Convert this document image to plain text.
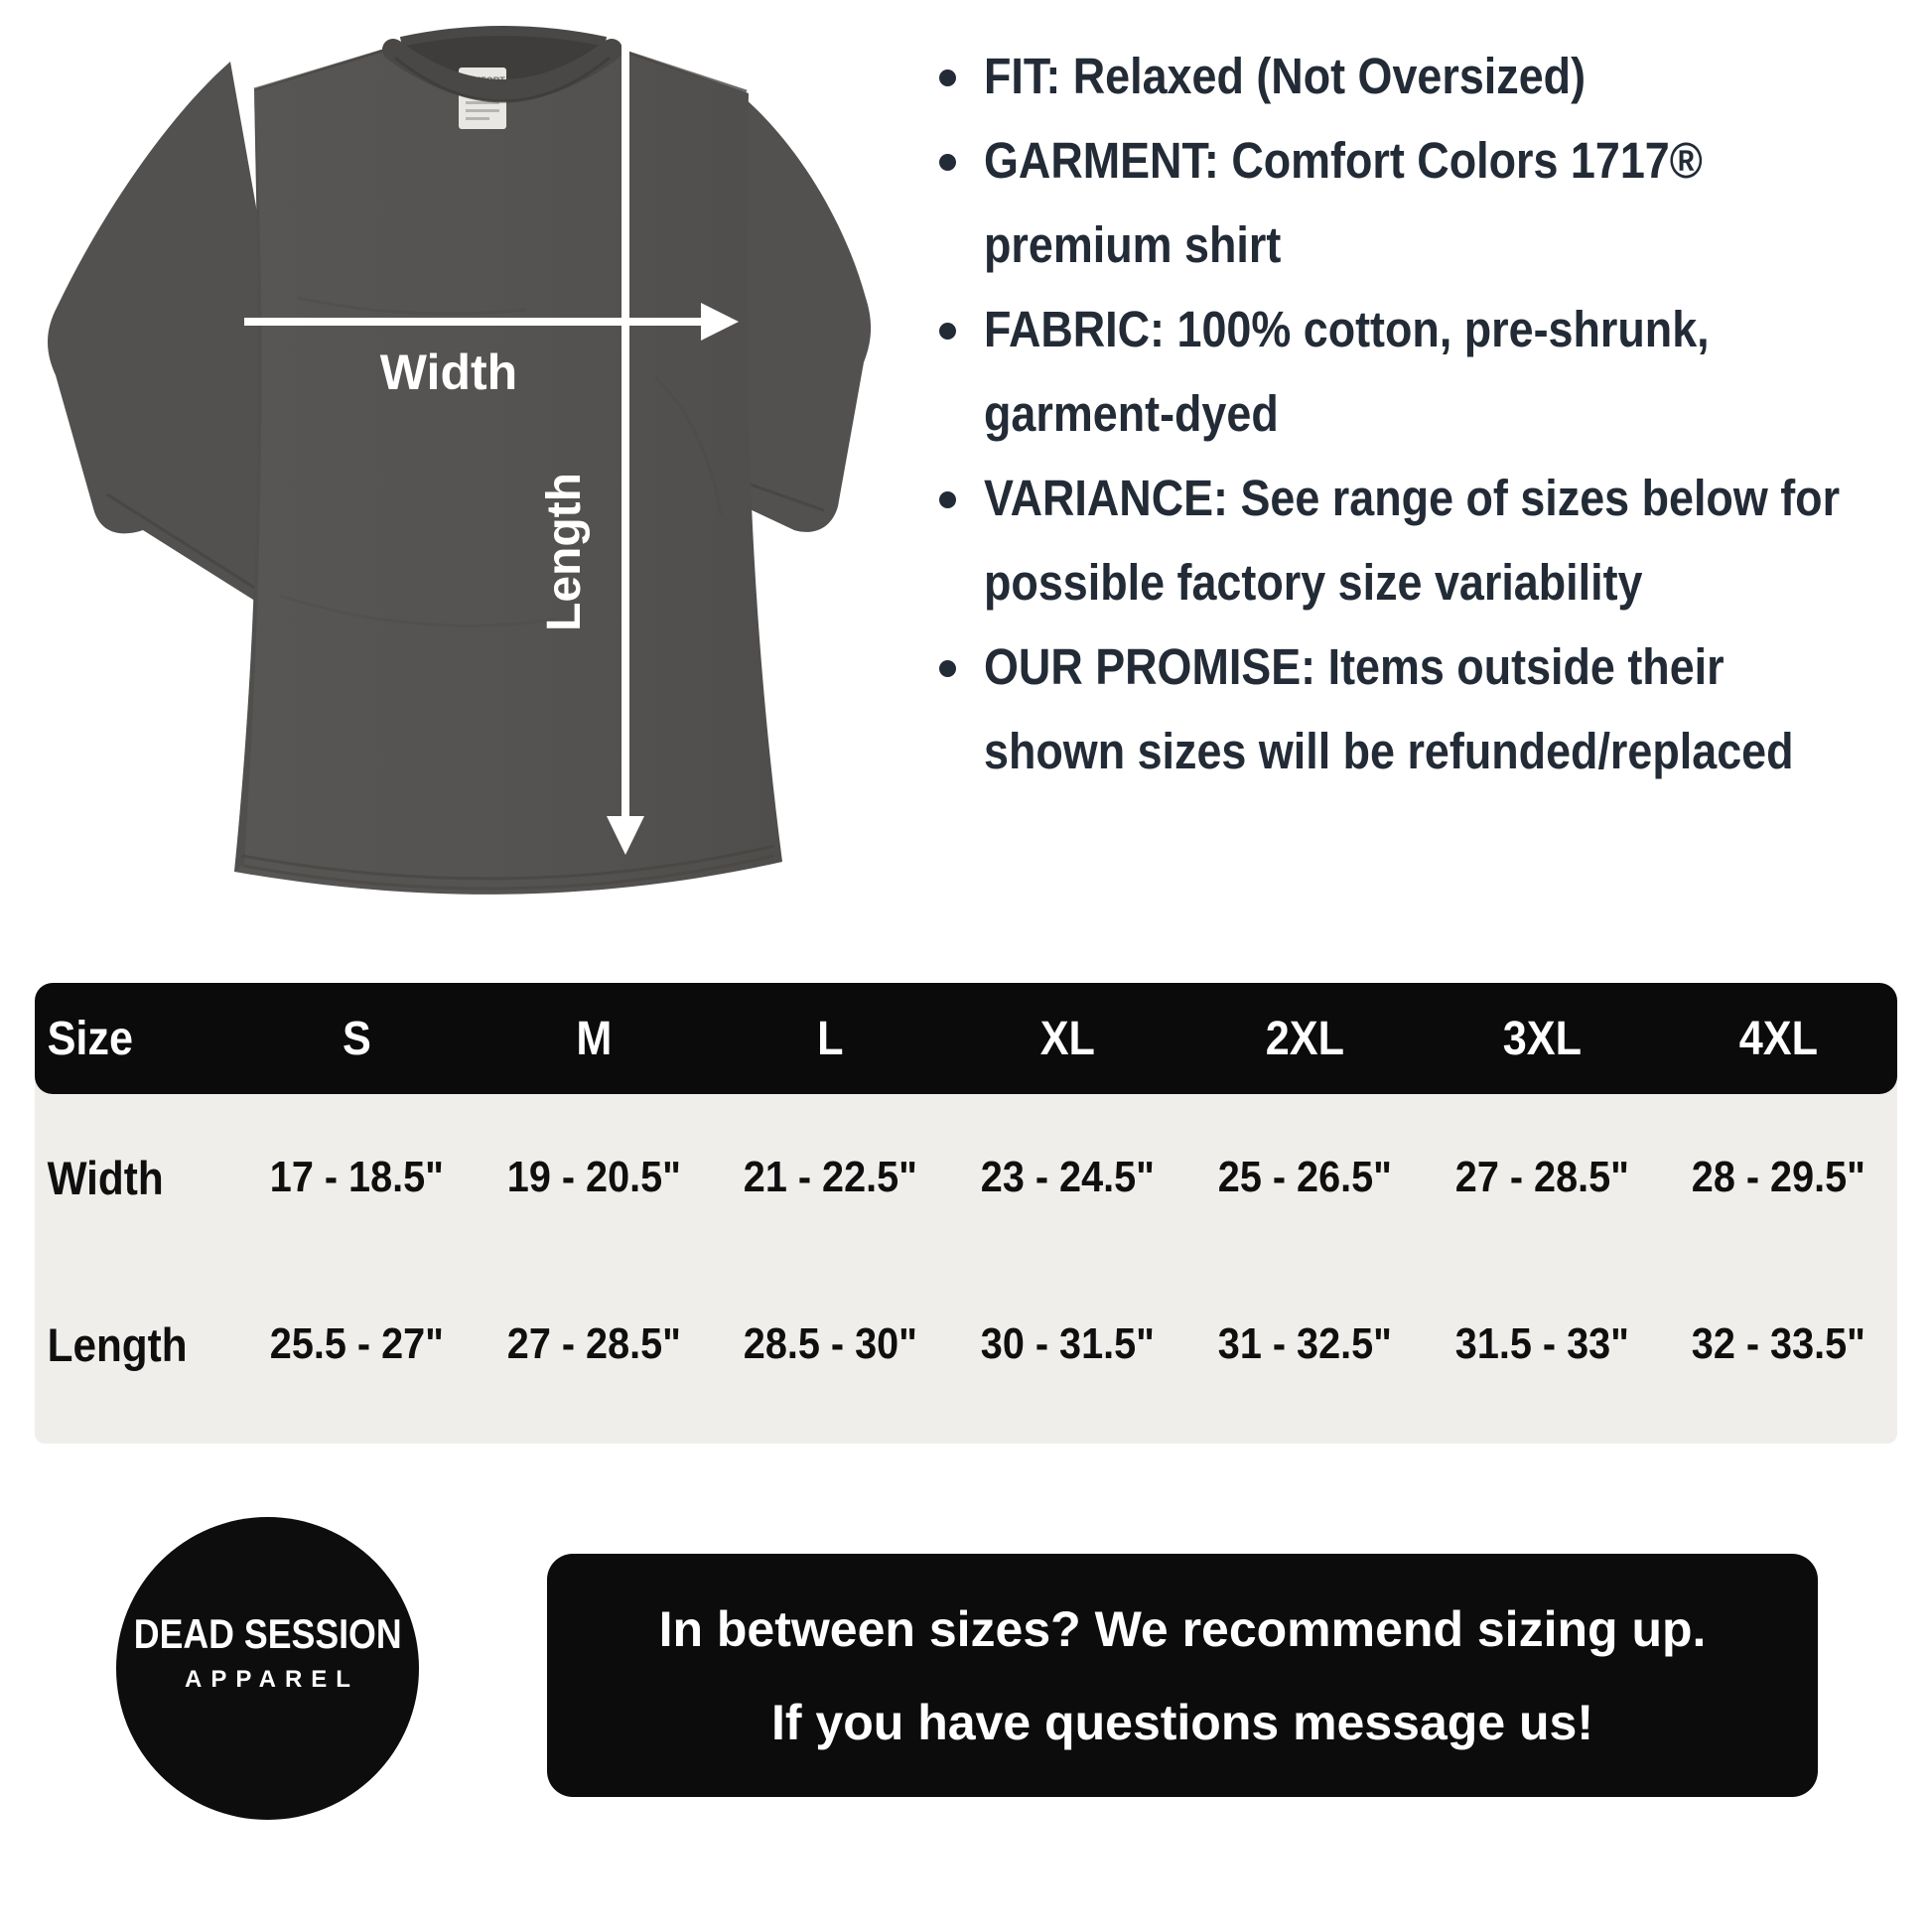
COMFORT
COLORS
Width
Length
FIT: Relaxed (Not Oversized)
GARMENT: Comfort Colors 1717®
premium shirt
FABRIC: 100% cotton, pre-shrunk,
garment-dyed
VARIANCE: See range of sizes below for
possible factory size variability
OUR PROMISE: Items outside their
shown sizes will be refunded/replaced
Size	S	M	L	XL	2XL	3XL	4XL
Width	17 - 18.5"	19 - 20.5"	21 - 22.5"	23 - 24.5"	25 - 26.5"	27 - 28.5"	28 - 29.5"
Length	25.5 - 27"	27 - 28.5"	28.5 - 30"	30 - 31.5"	31 - 32.5"	31.5 - 33"	32 - 33.5"
DEAD SESSION
APPAREL
In between sizes? We recommend sizing up.
If you have questions message us!
